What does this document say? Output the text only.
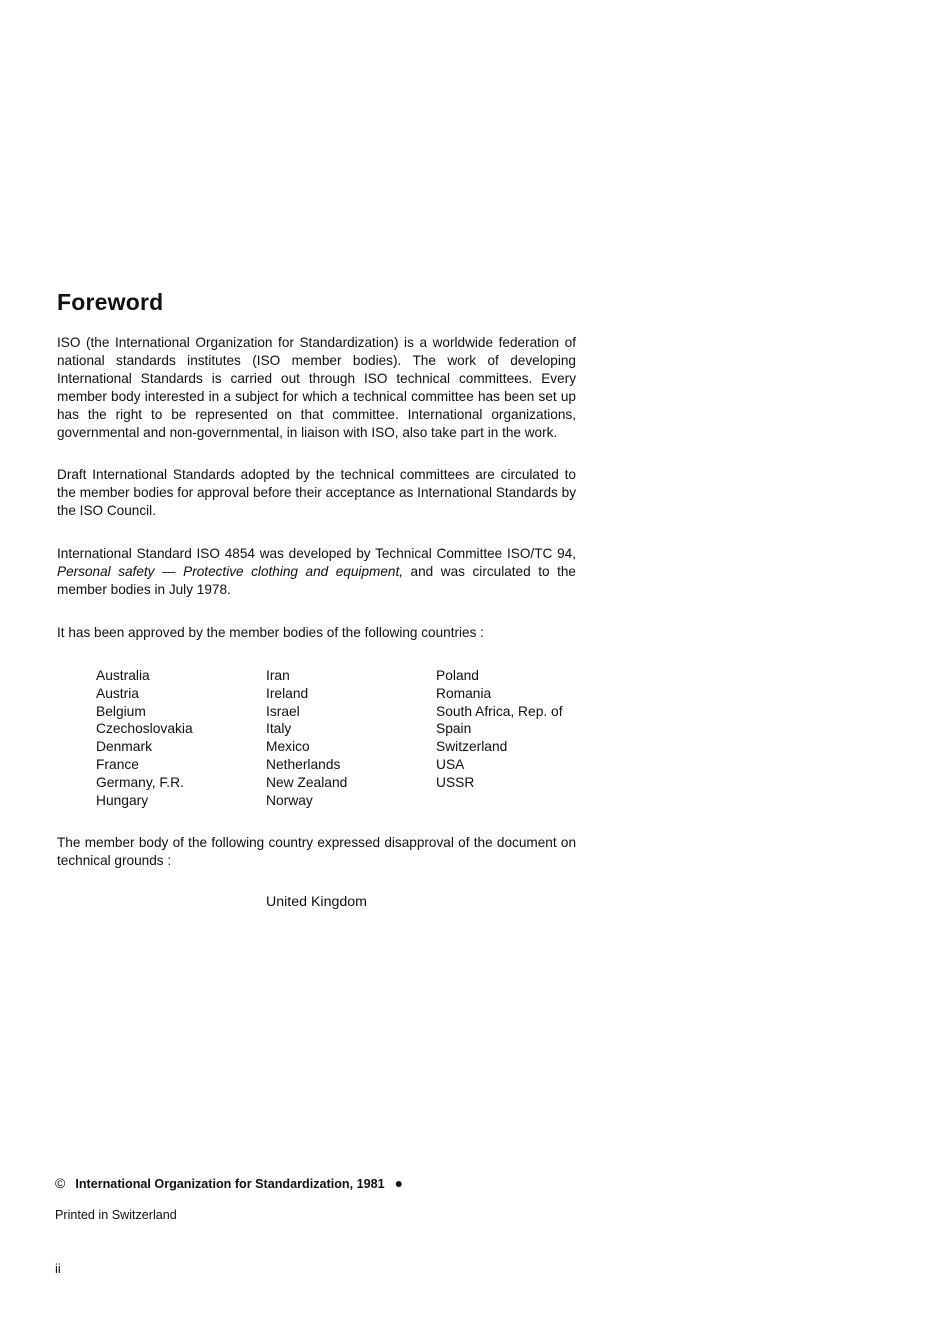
Foreword

ISO (the International Organization for Standardization) is a worldwide federation of national standards institutes (ISO member bodies). The work of developing International Standards is carried out through ISO technical committees. Every member body interested in a subject for which a technical committee has been set up has the right to be represented on that committee. International organizations, governmental and non-governmental, in liaison with ISO, also take part in the work.

Draft International Standards adopted by the technical committees are circulated to the member bodies for approval before their acceptance as International Standards by the ISO Council.

International Standard ISO 4854 was developed by Technical Committee ISO/TC 94, Personal safety — Protective clothing and equipment, and was circulated to the member bodies in July 1978.

It has been approved by the member bodies of the following countries :

Australia
Austria
Belgium
Czechoslovakia
Denmark
France
Germany, F.R.
Hungary
Iran
Ireland
Israel
Italy
Mexico
Netherlands
New Zealand
Norway
Poland
Romania
South Africa, Rep. of
Spain
Switzerland
USA
USSR

The member body of the following country expressed disapproval of the document on technical grounds :

United Kingdom

© International Organization for Standardization, 1981 ●

Printed in Switzerland

ii
